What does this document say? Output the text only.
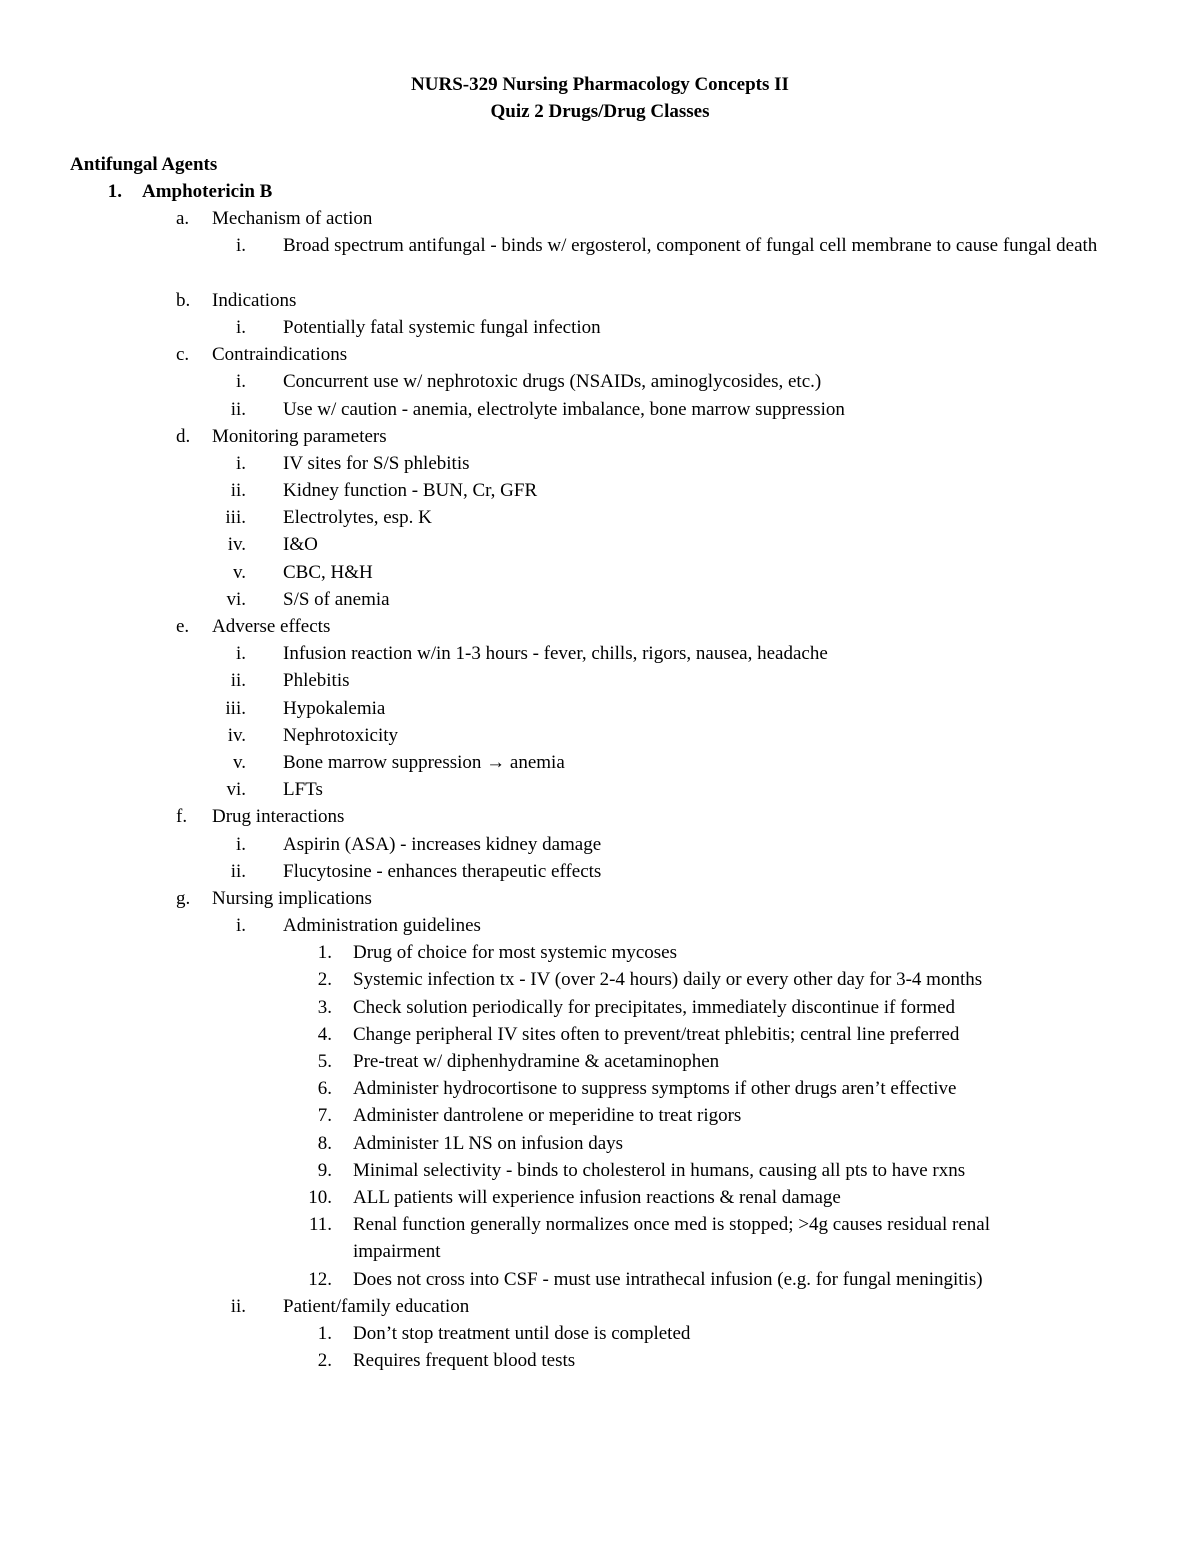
NURS-329 Nursing Pharmacology Concepts II
Quiz 2 Drugs/Drug Classes
Antifungal Agents
1. Amphotericin B
a. Mechanism of action
i. Broad spectrum antifungal - binds w/ ergosterol, component of fungal cell membrane to cause fungal death
b. Indications
i. Potentially fatal systemic fungal infection
c. Contraindications
i. Concurrent use w/ nephrotoxic drugs (NSAIDs, aminoglycosides, etc.)
ii. Use w/ caution - anemia, electrolyte imbalance, bone marrow suppression
d. Monitoring parameters
i. IV sites for S/S phlebitis
ii. Kidney function - BUN, Cr, GFR
iii. Electrolytes, esp. K
iv. I&O
v. CBC, H&H
vi. S/S of anemia
e. Adverse effects
i. Infusion reaction w/in 1-3 hours - fever, chills, rigors, nausea, headache
ii. Phlebitis
iii. Hypokalemia
iv. Nephrotoxicity
v. Bone marrow suppression → anemia
vi. LFTs
f. Drug interactions
i. Aspirin (ASA) - increases kidney damage
ii. Flucytosine - enhances therapeutic effects
g. Nursing implications
i. Administration guidelines
1. Drug of choice for most systemic mycoses
2. Systemic infection tx - IV (over 2-4 hours) daily or every other day for 3-4 months
3. Check solution periodically for precipitates, immediately discontinue if formed
4. Change peripheral IV sites often to prevent/treat phlebitis; central line preferred
5. Pre-treat w/ diphenhydramine & acetaminophen
6. Administer hydrocortisone to suppress symptoms if other drugs aren’t effective
7. Administer dantrolene or meperidine to treat rigors
8. Administer 1L NS on infusion days
9. Minimal selectivity - binds to cholesterol in humans, causing all pts to have rxns
10. ALL patients will experience infusion reactions & renal damage
11. Renal function generally normalizes once med is stopped; >4g causes residual renal impairment
12. Does not cross into CSF - must use intrathecal infusion (e.g. for fungal meningitis)
ii. Patient/family education
1. Don’t stop treatment until dose is completed
2. Requires frequent blood tests
